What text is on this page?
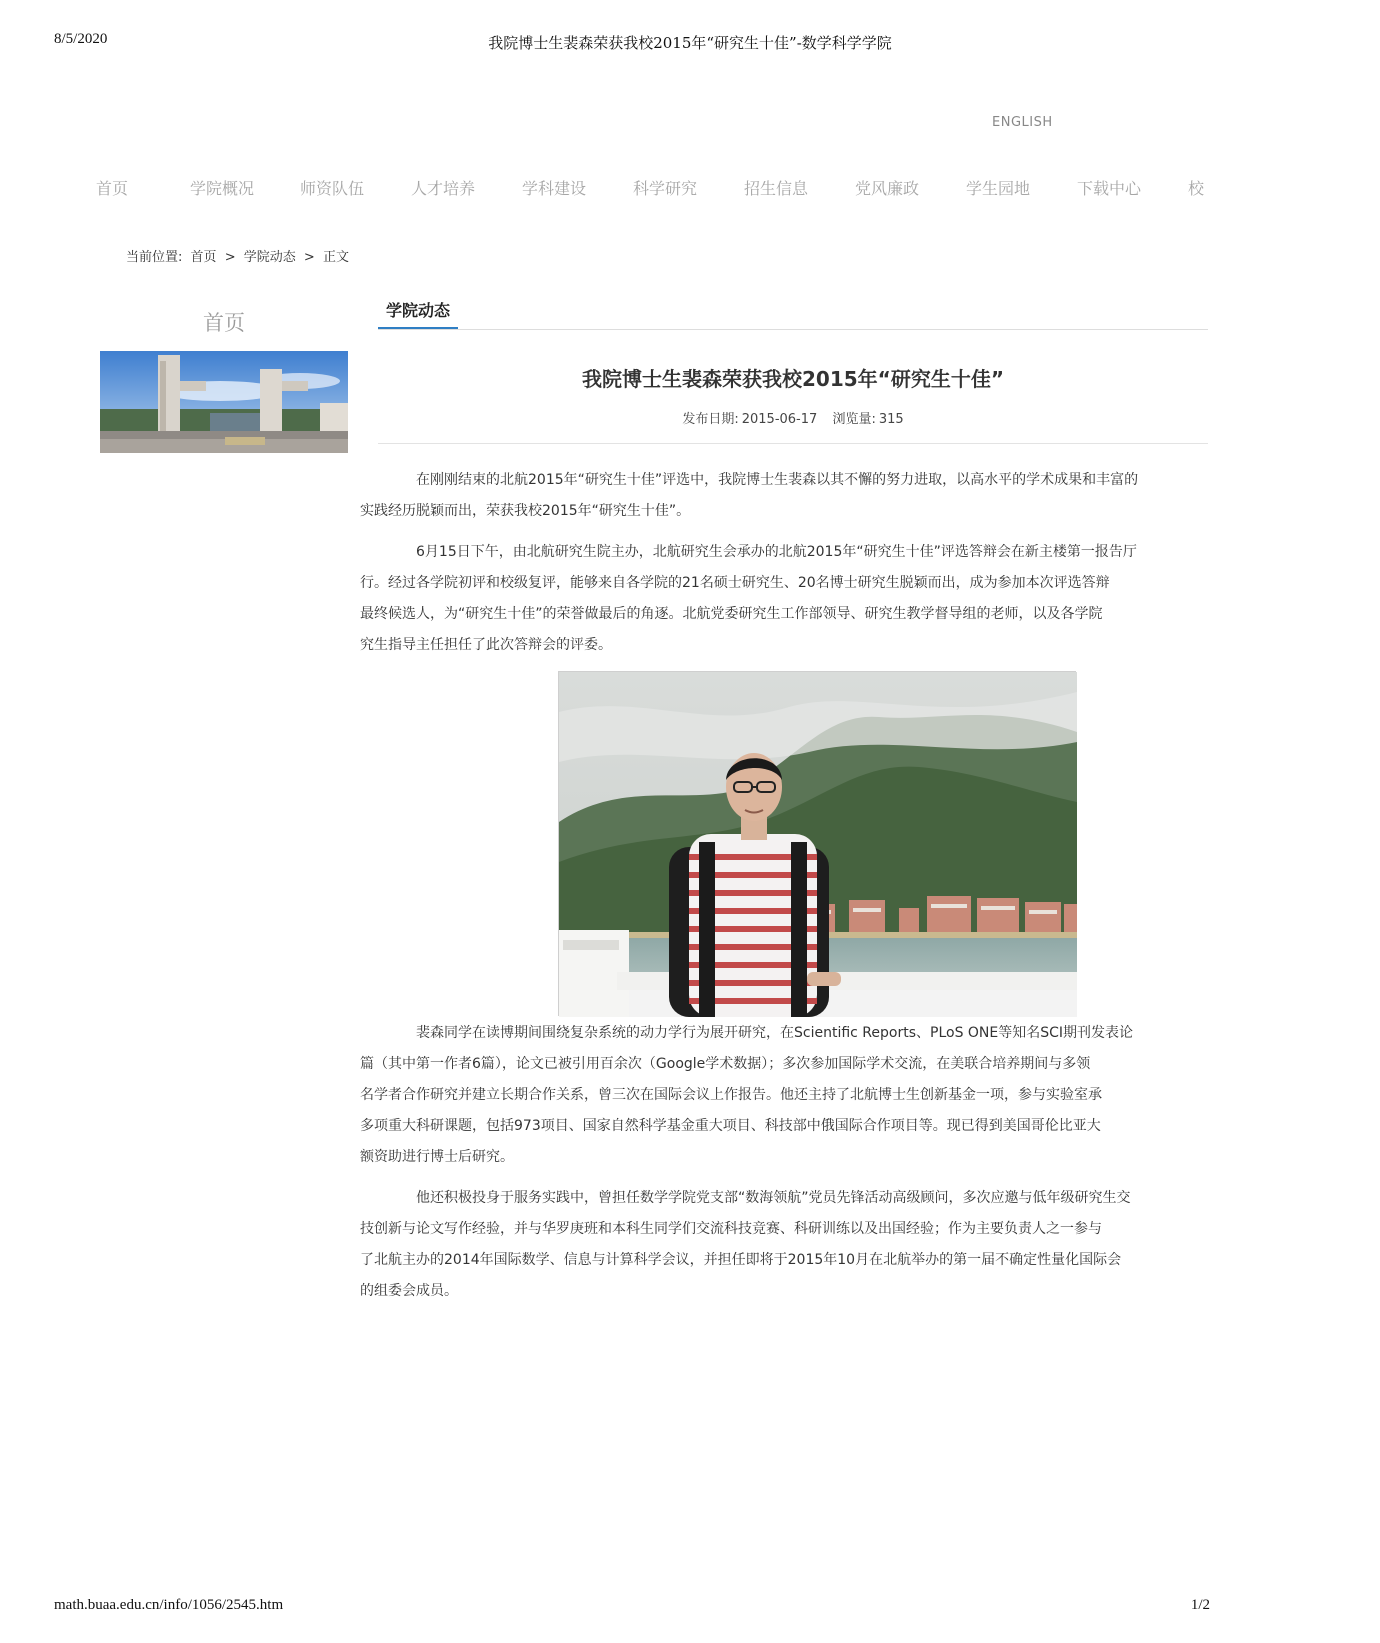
8/5/2020	我院博士生裴森荣获我校2015年“研究生十佳”-数学科学学院
ENGLISH
首页	学院概况	师资队伍	人才培养	学科建设	科学研究	招生信息	党风廉政	学生园地	下载中心	校
当前位置: 首页 > 学院动态 > 正文
首页
学院动态
我院博士生裴森荣获我校2015年“研究生十佳”
发布日期: 2015-06-17 浏览量: 315

在刚刚结束的北航2015年“研究生十佳”评选中，我院博士生裴森以其不懈的努力进取，以高水平的学术成果和丰富的
实践经历脱颖而出，荣获我校2015年“研究生十佳”。

6月15日下午，由北航研究生院主办，北航研究生会承办的北航2015年“研究生十佳”评选答辩会在新主楼第一报告厅
行。经过各学院初评和校级复评，能够来自各学院的21名硕士研究生、20名博士研究生脱颖而出，成为参加本次评选答辩
最终候选人，为“研究生十佳”的荣誉做最后的角逐。北航党委研究生工作部领导、研究生教学督导组的老师，以及各学院
究生指导主任担任了此次答辩会的评委。

裴森同学在读博期间围绕复杂系统的动力学行为展开研究，在Scientific Reports、PLoS ONE等知名SCI期刊发表论
篇（其中第一作者6篇），论文已被引用百余次（Google学术数据）；多次参加国际学术交流，在美联合培养期间与多领
名学者合作研究并建立长期合作关系，曾三次在国际会议上作报告。他还主持了北航博士生创新基金一项，参与实验室承
多项重大科研课题，包括973项目、国家自然科学基金重大项目、科技部中俄国际合作项目等。现已得到美国哥伦比亚大
额资助进行博士后研究。

他还积极投身于服务实践中，曾担任数学学院党支部“数海领航”党员先锋活动高级顾问，多次应邀与低年级研究生交
技创新与论文写作经验，并与华罗庚班和本科生同学们交流科技竞赛、科研训练以及出国经验；作为主要负责人之一参与
了北航主办的2014年国际数学、信息与计算科学会议，并担任即将于2015年10月在北航举办的第一届不确定性量化国际会
的组委会成员。

math.buaa.edu.cn/info/1056/2545.htm	1/2
